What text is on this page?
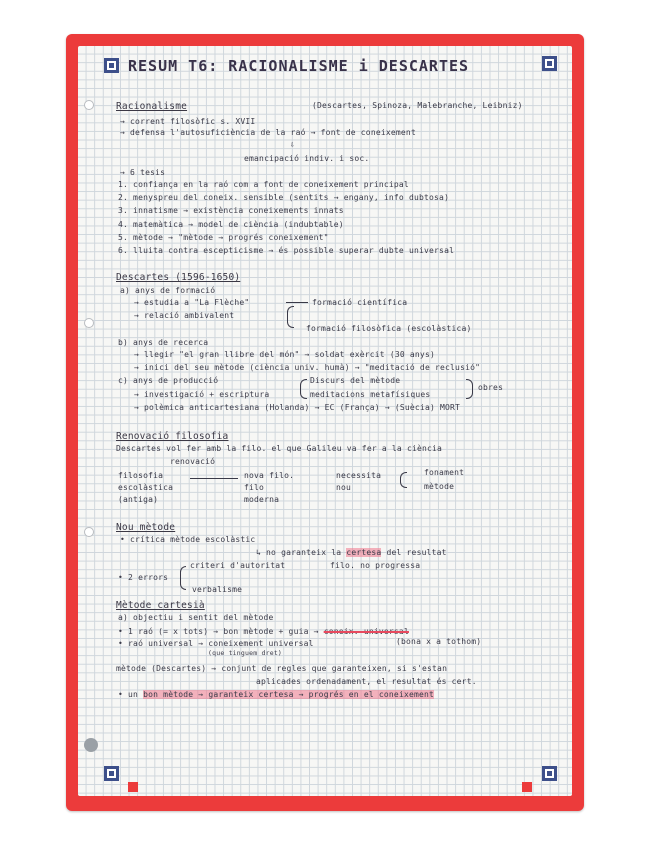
RESUM T6: RACIONALISME i DESCARTES
Racionalisme	(Descartes, Spinoza, Malebranche, Leibniz)
→ corrent filosòfic s. XVII
→ defensa l'autosuficiència de la raó → font de coneixement
⇩
emancipació indiv. i soc.
→ 6 tesis
1. confiança en la raó com a font de coneixement principal
2. menyspreu del coneix. sensible (sentits → engany, info dubtosa)
3. innatisme → existència coneixements innats
4. matemàtica → model de ciència (indubtable)
5. mètode → "mètode → progrés coneixement"
6. lluita contra escepticisme → és possible superar dubte universal
Descartes (1596-1650)
a) anys de formació
→ estudia a "La Flèche"
→ relació ambivalent
formació científica
formació filosòfica (escolàstica)
b) anys de recerca
→ llegir "el gran llibre del món" → soldat exèrcit (30 anys)
→ inici del seu mètode (ciència univ. humà) → "meditació de reclusió"
c) anys de producció	Discurs del mètode
meditacions metafísiques
obres
→ investigació + escriptura
→ polèmica anticartesiana (Holanda) → EC (França) → (Suècia) MORT
Renovació filosofia
Descartes vol fer amb la filo. el que Galileu va fer a la ciència
renovació
filosofia escolàstica (antiga)
nova filo. filo moderna
necessita nou
fonament
mètode
Nou mètode
• crítica mètode escolàstic
↳ no garanteix la certesa del resultat
criteri d'autoritat	filo. no progressa
• 2 errors
verbalisme
Mètode cartesià
a) objectiu i sentit del mètode
• 1 raó (= x tots) → bon mètode + guia → coneix. universal
• raó universal → coneixement universal
(que tinguem dret)
(bona x a tothom)
mètode (Descartes) → conjunt de regles que garanteixen, si s'estan
aplicades ordenadament, el resultat és cert.
• un bon mètode → garanteix certesa → progrés en el coneixement
